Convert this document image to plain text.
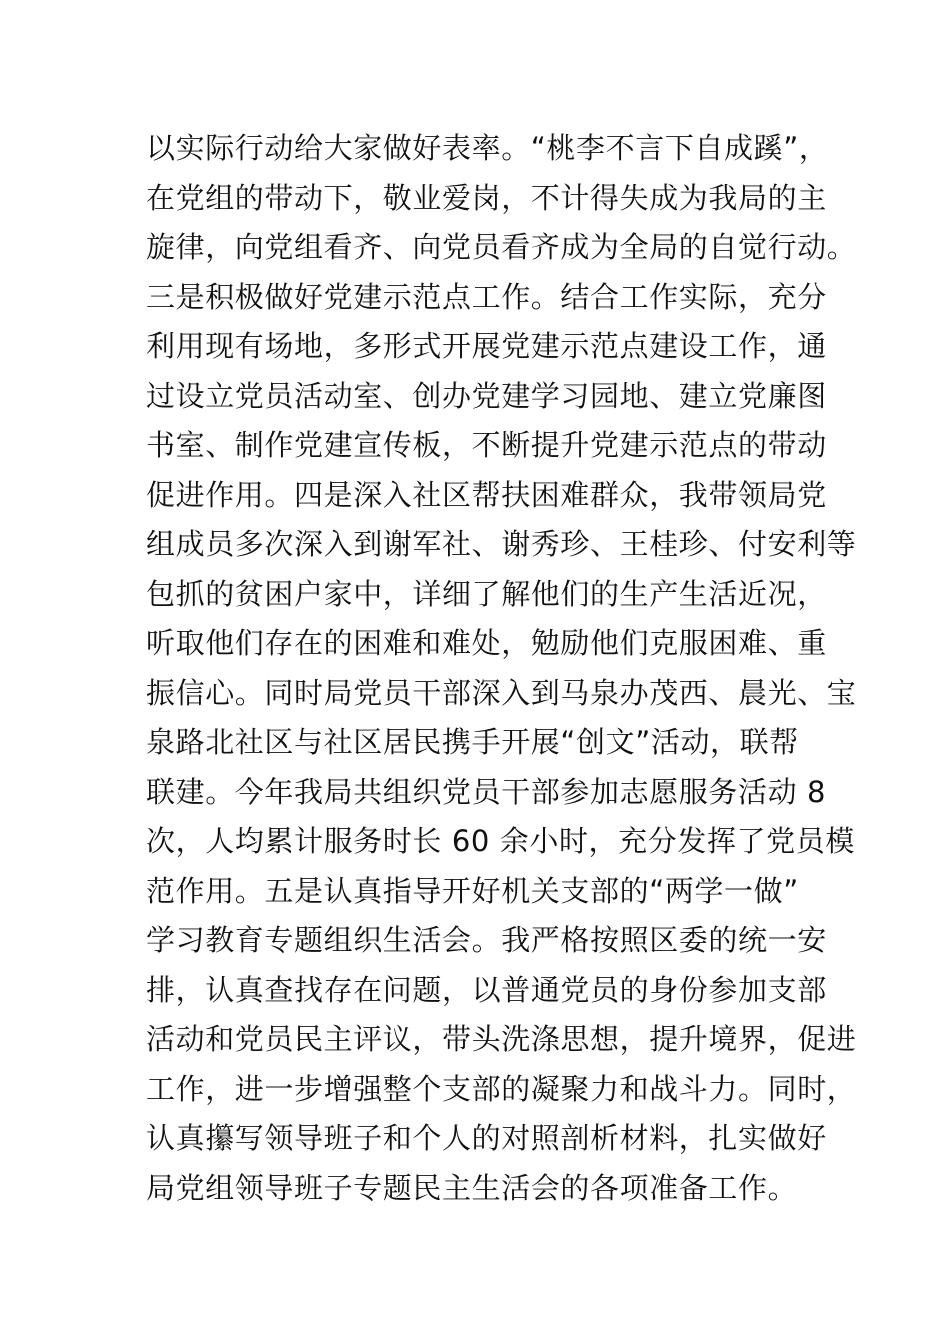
以实际行动给大家做好表率。“桃李不言下自成蹊”，
在党组的带动下，敬业爱岗，不计得失成为我局的主
旋律，向党组看齐、向党员看齐成为全局的自觉行动。
三是积极做好党建示范点工作。结合工作实际，充分
利用现有场地，多形式开展党建示范点建设工作，通
过设立党员活动室、创办党建学习园地、建立党廉图
书室、制作党建宣传板，不断提升党建示范点的带动
促进作用。四是深入社区帮扶困难群众，我带领局党
组成员多次深入到谢军社、谢秀珍、王桂珍、付安利等
包抓的贫困户家中，详细了解他们的生产生活近况，
听取他们存在的困难和难处，勉励他们克服困难、重
振信心。同时局党员干部深入到马泉办茂西、晨光、宝
泉路北社区与社区居民携手开展“创文”活动，联帮
联建。今年我局共组织党员干部参加志愿服务活动 8
次，人均累计服务时长 60 余小时，充分发挥了党员模
范作用。五是认真指导开好机关支部的“两学一做”
学习教育专题组织生活会。我严格按照区委的统一安
排，认真查找存在问题，以普通党员的身份参加支部
活动和党员民主评议，带头洗涤思想，提升境界，促进
工作，进一步增强整个支部的凝聚力和战斗力。同时，
认真攥写领导班子和个人的对照剖析材料，扎实做好
局党组领导班子专题民主生活会的各项准备工作。
